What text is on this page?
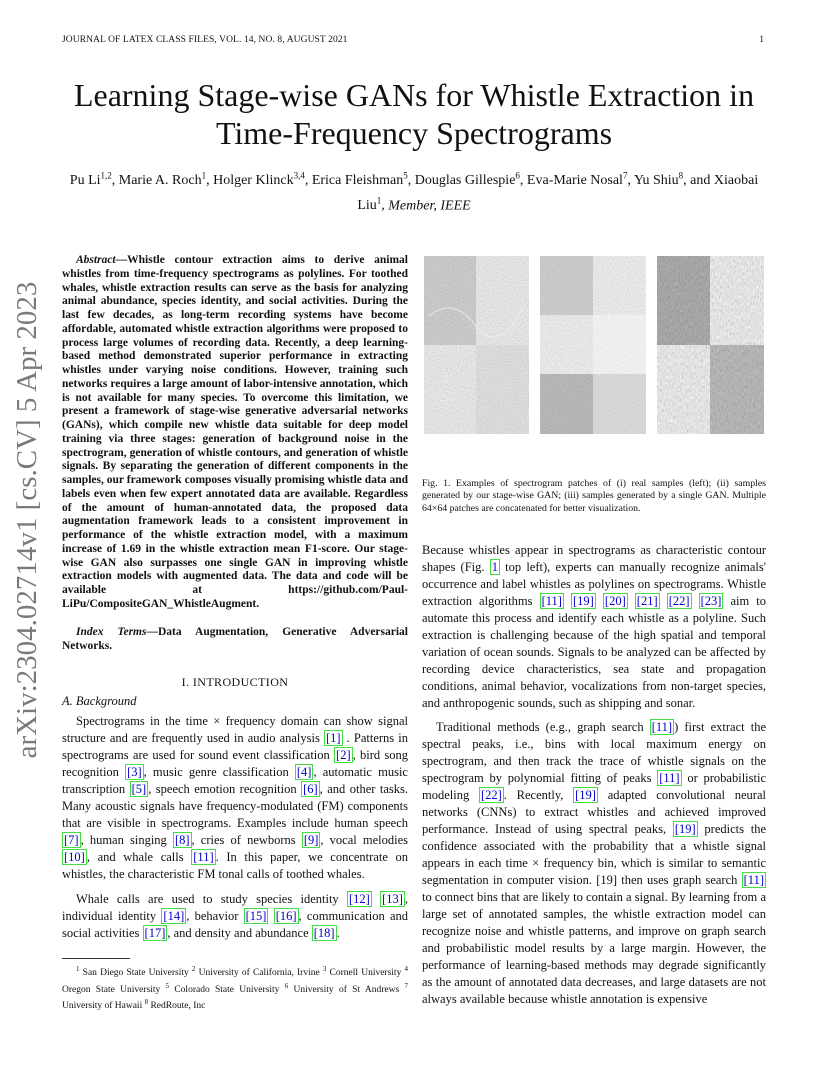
JOURNAL OF LATEX CLASS FILES, VOL. 14, NO. 8, AUGUST 2021	1
arXiv:2304.02714v1 [cs.CV] 5 Apr 2023
Learning Stage-wise GANs for Whistle Extraction in Time-Frequency Spectrograms
Pu Li$^{1,2}$, Marie A. Roch$^1$, Holger Klinck$^{3,4}$, Erica Fleishman$^5$, Douglas Gillespie$^6$, Eva-Marie Nosal$^7$, Yu Shiu$^8$, and Xiaobai Liu$^1$, Member, IEEE

Abstract—Whistle contour extraction aims to derive animal whistles from time-frequency spectrograms as polylines. For toothed whales, whistle extraction results can serve as the basis for analyzing animal abundance, species identity, and social activities. During the last few decades, as long-term recording systems have become affordable, automated whistle extraction algorithms were proposed to process large volumes of recording data. Recently, a deep learning-based method demonstrated superior performance in extracting whistles under varying noise conditions. However, training such networks requires a large amount of labor-intensive annotation, which is not available for many species. To overcome this limitation, we present a framework of stage-wise generative adversarial networks (GANs), which compile new whistle data suitable for deep model training via three stages: generation of background noise in the spectrogram, generation of whistle contours, and generation of whistle signals. By separating the generation of different components in the samples, our framework composes visually promising whistle data and labels even when few expert annotated data are available. Regardless of the amount of human-annotated data, the proposed data augmentation framework leads to a consistent improvement in performance of the whistle extraction model, with a maximum increase of 1.69 in the whistle extraction mean F1-score. Our stage-wise GAN also surpasses one single GAN in improving whistle extraction models with augmented data. The data and code will be available at https://github.com/Paul-LiPu/CompositeGAN_WhistleAugment.

Index Terms—Data Augmentation, Generative Adversarial Networks.

I. INTRODUCTION

A. Background

Spectrograms in the time × frequency domain can show signal structure and are frequently used in audio analysis [1] . Patterns in spectrograms are used for sound event classification [2] , bird song recognition [3] , music genre classification [4] , automatic music transcription [5] , speech emotion recognition [6] , and other tasks. Many acoustic signals have frequency-modulated (FM) components that are visible in spectrograms. Examples include human speech [7] , human singing [8] , cries of newborns [9] , vocal melodies [10] , and whale calls [11] . In this paper, we concentrate on whistles, the characteristic FM tonal calls of toothed whales.

Whale calls are used to study species identity [12] [13] , individual identity [14] , behavior [15] [16] , communication and social activities [17] , and density and abundance [18] .

$^1$ San Diego State University $^2$ University of California, Irvine $^3$ Cornell University $^4$ Oregon State University $^5$ Colorado State University $^6$ University of St Andrews $^7$ University of Hawaii $^8$ RedRoute, Inc

Fig. 1. Examples of spectrogram patches of (i) real samples (left); (ii) samples generated by our stage-wise GAN; (iii) samples generated by a single GAN. Multiple 64×64 patches are concatenated for better visualization.

Because whistles appear in spectrograms as characteristic contour shapes (Fig. 1 top left), experts can manually recognize animals' occurrence and label whistles as polylines on spectrograms. Whistle extraction algorithms [11] [19] [20] [21] [22] [23] aim to automate this process and identify each whistle as a polyline. Such extraction is challenging because of the high spatial and temporal variation of ocean sounds. Signals to be analyzed can be affected by recording device characteristics, sea state and propagation conditions, animal behavior, vocalizations from non-target species, and anthropogenic sounds, such as shipping and sonar.

Traditional methods (e.g., graph search [11] ) first extract the spectral peaks, i.e., bins with local maximum energy on spectrogram, and then track the trace of whistle signals on the spectrogram by polynomial fitting of peaks [11] or probabilistic modeling [22] . Recently, [19] adapted convolutional neural networks (CNNs) to extract whistles and achieved improved performance. Instead of using spectral peaks, [19] predicts the confidence associated with the probability that a whistle signal appears in each time × frequency bin, which is similar to semantic segmentation in computer vision. [19] then uses graph search [11] to connect bins that are likely to contain a signal. By learning from a large set of annotated samples, the whistle extraction model can recognize noise and whistle patterns, and improve on graph search and probabilistic model results by a large margin. However, the performance of learning-based methods may degrade significantly as the amount of annotated data decreases, and large datasets are not always available because whistle annotation is expensive
